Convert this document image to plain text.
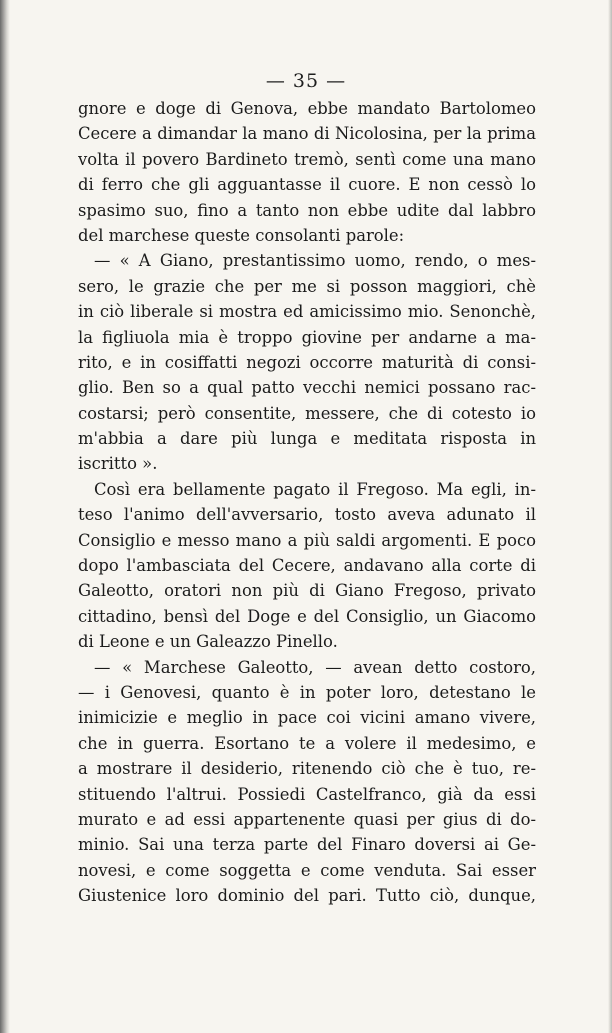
— 35 —
gnore e doge di Genova, ebbe mandato Bartolomeo
Cecere a dimandar la mano di Nicolosina, per la prima
volta il povero Bardineto tremò, sentì come una mano
di ferro che gli agguantasse il cuore. E non cessò lo
spasimo suo, fino a tanto non ebbe udite dal labbro
del marchese queste consolanti parole:
— « A Giano, prestantissimo uomo, rendo, o mes-
sero, le grazie che per me si posson maggiori, chè
in ciò liberale si mostra ed amicissimo mio. Senonchè,
la figliuola mia è troppo giovine per andarne a ma-
rito, e in cosiffatti negozi occorre maturità di consi-
glio. Ben so a qual patto vecchi nemici possano rac-
costarsi; però consentite, messere, che di cotesto io
m'abbia a dare più lunga e meditata risposta in
iscritto ».
Così era bellamente pagato il Fregoso. Ma egli, in-
teso l'animo dell'avversario, tosto aveva adunato il
Consiglio e messo mano a più saldi argomenti. E poco
dopo l'ambasciata del Cecere, andavano alla corte di
Galeotto, oratori non più di Giano Fregoso, privato
cittadino, bensì del Doge e del Consiglio, un Giacomo
di Leone e un Galeazzo Pinello.
— « Marchese Galeotto, — avean detto costoro,
— i Genovesi, quanto è in poter loro, detestano le
inimicizie e meglio in pace coi vicini amano vivere,
che in guerra. Esortano te a volere il medesimo, e
a mostrare il desiderio, ritenendo ciò che è tuo, re-
stituendo l'altrui. Possiedi Castelfranco, già da essi
murato e ad essi appartenente quasi per gius di do-
minio. Sai una terza parte del Finaro doversi ai Ge-
novesi, e come soggetta e come venduta. Sai esser
Giustenice loro dominio del pari. Tutto ciò, dunque,
